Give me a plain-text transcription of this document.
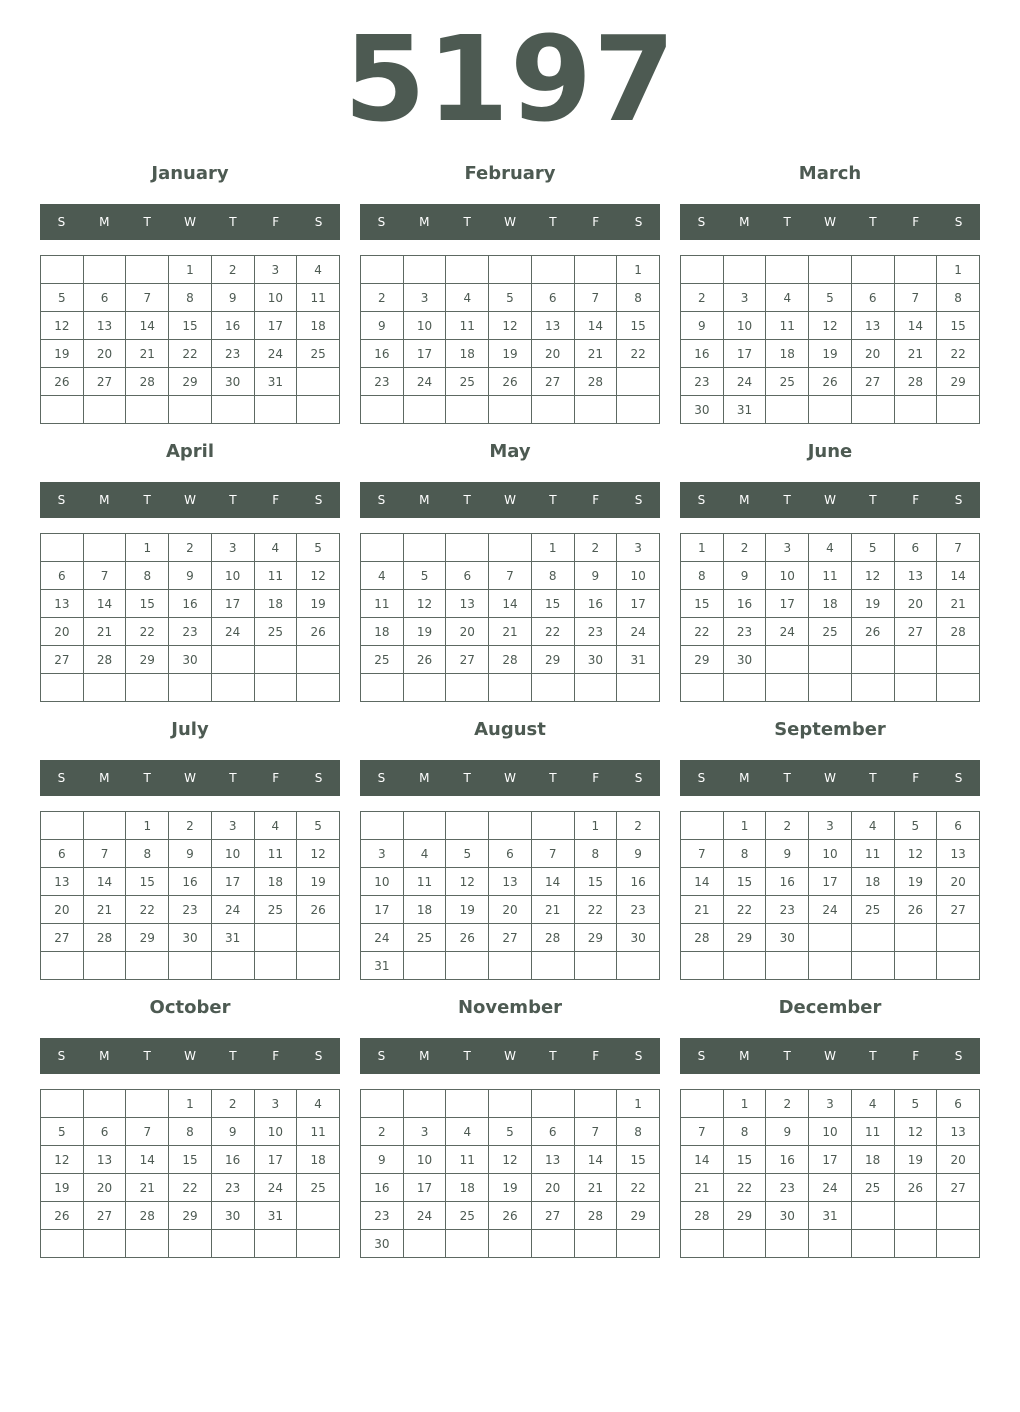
5197
January
S	M	T	W	T	F	S
			1	2	3	4
5	6	7	8	9	10	11
12	13	14	15	16	17	18
19	20	21	22	23	24	25
26	27	28	29	30	31	

February
S	M	T	W	T	F	S
						1
2	3	4	5	6	7	8
9	10	11	12	13	14	15
16	17	18	19	20	21	22
23	24	25	26	27	28	

March
S	M	T	W	T	F	S
						1
2	3	4	5	6	7	8
9	10	11	12	13	14	15
16	17	18	19	20	21	22
23	24	25	26	27	28	29
30	31					
April
S	M	T	W	T	F	S
		1	2	3	4	5
6	7	8	9	10	11	12
13	14	15	16	17	18	19
20	21	22	23	24	25	26
27	28	29	30			

May
S	M	T	W	T	F	S
				1	2	3
4	5	6	7	8	9	10
11	12	13	14	15	16	17
18	19	20	21	22	23	24
25	26	27	28	29	30	31

June
S	M	T	W	T	F	S
1	2	3	4	5	6	7
8	9	10	11	12	13	14
15	16	17	18	19	20	21
22	23	24	25	26	27	28
29	30					

July
S	M	T	W	T	F	S
		1	2	3	4	5
6	7	8	9	10	11	12
13	14	15	16	17	18	19
20	21	22	23	24	25	26
27	28	29	30	31		

August
S	M	T	W	T	F	S
					1	2
3	4	5	6	7	8	9
10	11	12	13	14	15	16
17	18	19	20	21	22	23
24	25	26	27	28	29	30
31						
September
S	M	T	W	T	F	S
	1	2	3	4	5	6
7	8	9	10	11	12	13
14	15	16	17	18	19	20
21	22	23	24	25	26	27
28	29	30				

October
S	M	T	W	T	F	S
			1	2	3	4
5	6	7	8	9	10	11
12	13	14	15	16	17	18
19	20	21	22	23	24	25
26	27	28	29	30	31	

November
S	M	T	W	T	F	S
						1
2	3	4	5	6	7	8
9	10	11	12	13	14	15
16	17	18	19	20	21	22
23	24	25	26	27	28	29
30						
December
S	M	T	W	T	F	S
	1	2	3	4	5	6
7	8	9	10	11	12	13
14	15	16	17	18	19	20
21	22	23	24	25	26	27
28	29	30	31			
